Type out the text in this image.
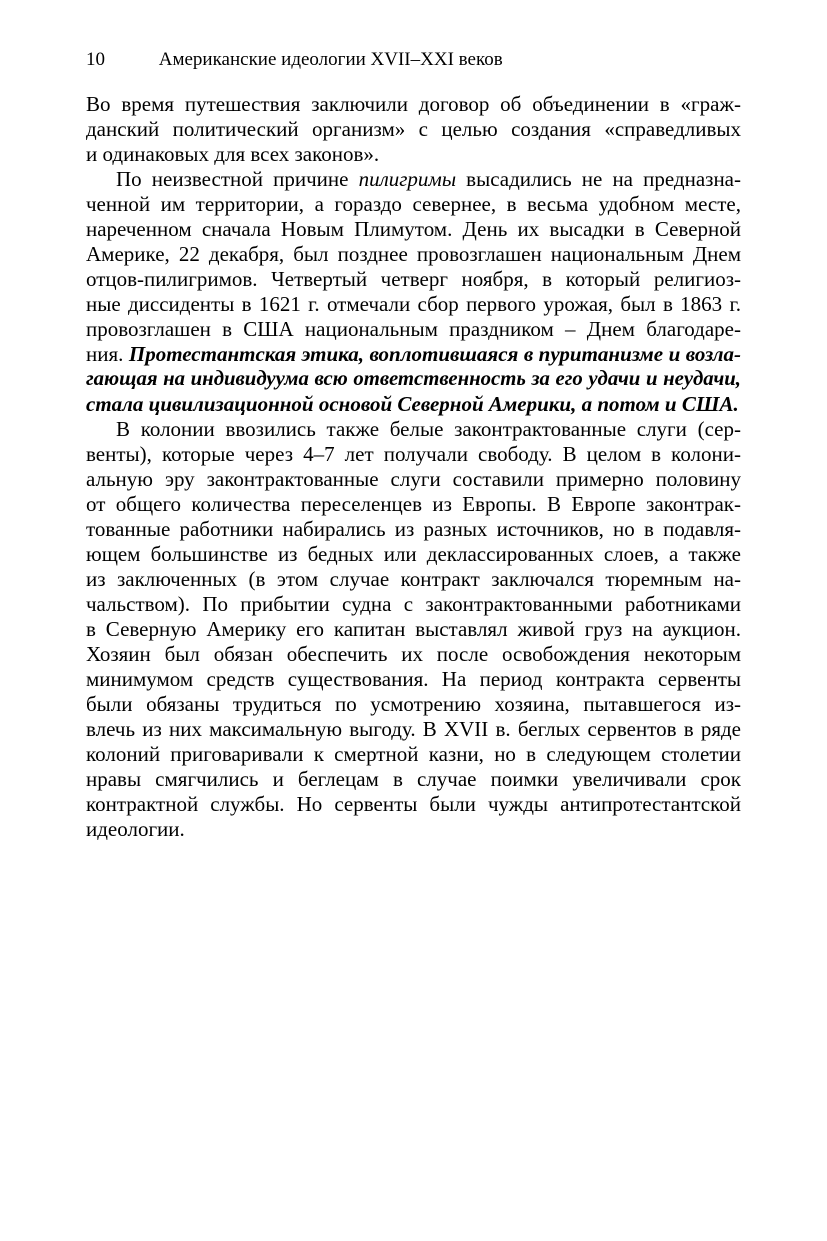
10	Американские идеологии XVII–XXI веков
Во время путешествия заключили договор об объединении в «граж-
данский политический организм» с целью создания «справедливых
и одинаковых для всех законов».
По неизвестной причине пилигримы высадились не на предназна-
ченной им территории, а гораздо севернее, в весьма удобном месте,
нареченном сначала Новым Плимутом. День их высадки в Северной
Америке, 22 декабря, был позднее провозглашен национальным Днем
отцов-пилигримов. Четвертый четверг ноября, в который религиоз-
ные диссиденты в 1621 г. отмечали сбор первого урожая, был в 1863 г.
провозглашен в США национальным праздником – Днем благодаре-
ния. Протестантская этика, воплотившаяся в пуританизме и возла-
гающая на индивидуума всю ответственность за его удачи и неудачи,
стала цивилизационной основой Северной Америки, а потом и США.
В колонии ввозились также белые законтрактованные слуги (сер-
венты), которые через 4–7 лет получали свободу. В целом в колони-
альную эру законтрактованные слуги составили примерно половину
от общего количества переселенцев из Европы. В Европе законтрак-
тованные работники набирались из разных источников, но в подавля-
ющем большинстве из бедных или деклассированных слоев, а также
из заключенных (в этом случае контракт заключался тюремным на-
чальством). По прибытии судна с законтрактованными работниками
в Северную Америку его капитан выставлял живой груз на аукцион.
Хозяин был обязан обеспечить их после освобождения некоторым
минимумом средств существования. На период контракта сервенты
были обязаны трудиться по усмотрению хозяина, пытавшегося из-
влечь из них максимальную выгоду. В XVII в. беглых сервентов в ряде
колоний приговаривали к смертной казни, но в следующем столетии
нравы смягчились и беглецам в случае поимки увеличивали срок
контрактной службы. Но сервенты были чужды антипротестантской
идеологии.
